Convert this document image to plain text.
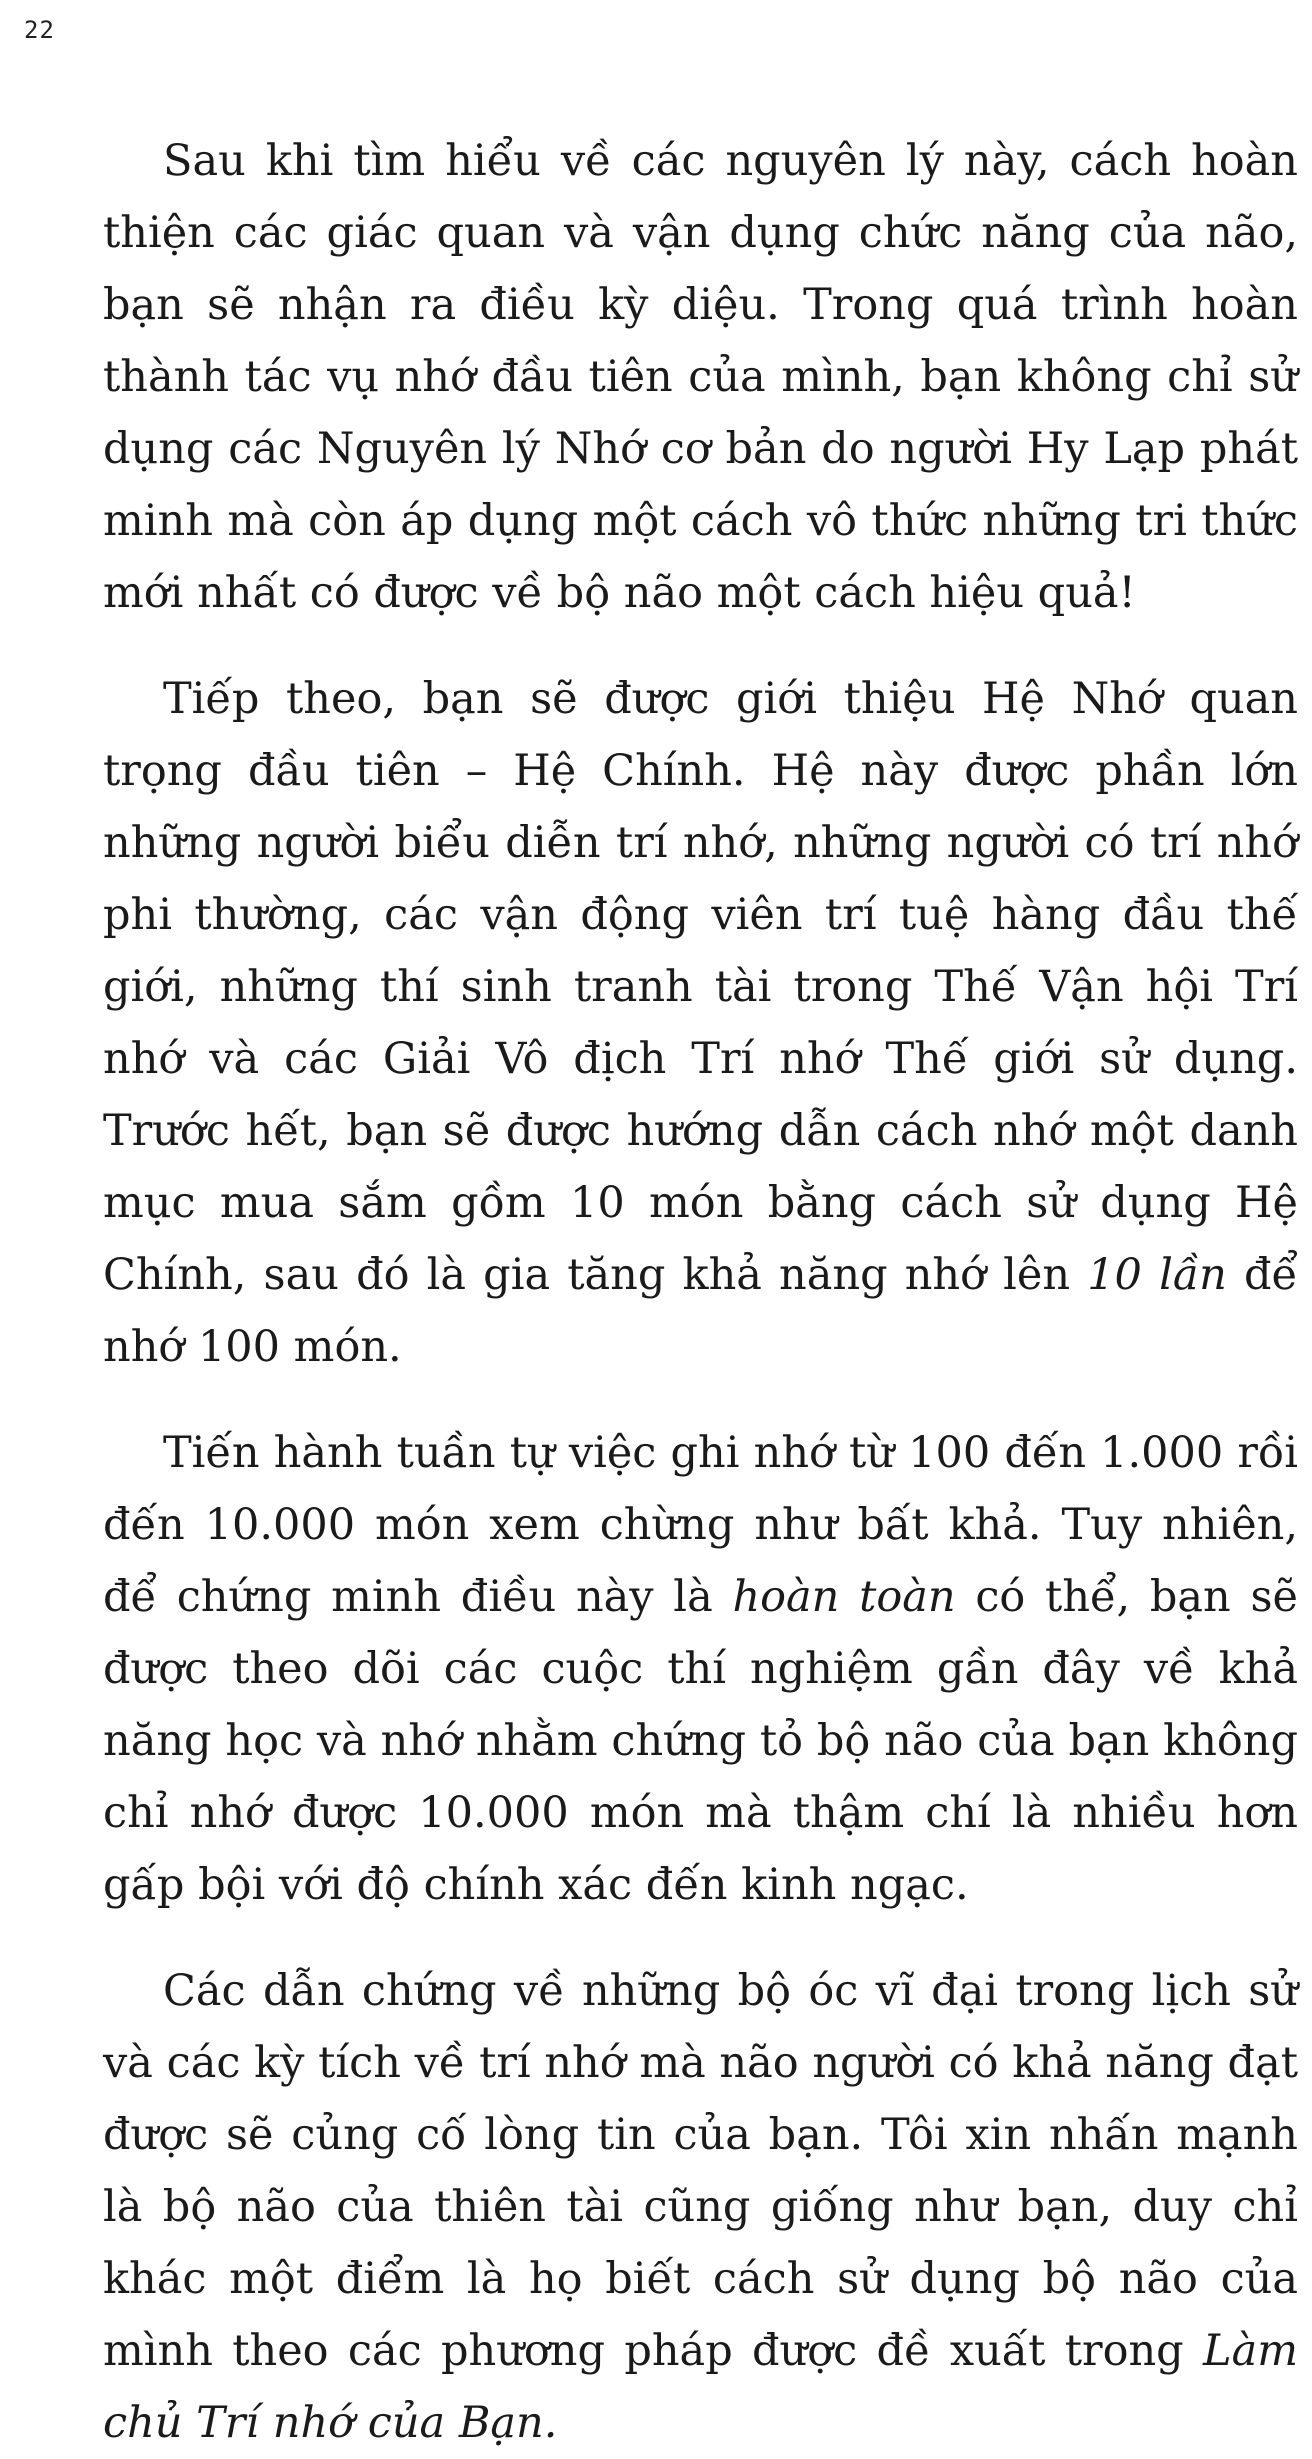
22

Sau khi tìm hiểu về các nguyên lý này, cách hoàn thiện các giác quan và vận dụng chức năng của não, bạn sẽ nhận ra điều kỳ diệu. Trong quá trình hoàn thành tác vụ nhớ đầu tiên của mình, bạn không chỉ sử dụng các Nguyên lý Nhớ cơ bản do người Hy Lạp phát minh mà còn áp dụng một cách vô thức những tri thức mới nhất có được về bộ não một cách hiệu quả!

Tiếp theo, bạn sẽ được giới thiệu Hệ Nhớ quan trọng đầu tiên – Hệ Chính. Hệ này được phần lớn những người biểu diễn trí nhớ, những người có trí nhớ phi thường, các vận động viên trí tuệ hàng đầu thế giới, những thí sinh tranh tài trong Thế Vận hội Trí nhớ và các Giải Vô địch Trí nhớ Thế giới sử dụng. Trước hết, bạn sẽ được hướng dẫn cách nhớ một danh mục mua sắm gồm 10 món bằng cách sử dụng Hệ Chính, sau đó là gia tăng khả năng nhớ lên 10 lần để nhớ 100 món.

Tiến hành tuần tự việc ghi nhớ từ 100 đến 1.000 rồi đến 10.000 món xem chừng như bất khả. Tuy nhiên, để chứng minh điều này là hoàn toàn có thể, bạn sẽ được theo dõi các cuộc thí nghiệm gần đây về khả năng học và nhớ nhằm chứng tỏ bộ não của bạn không chỉ nhớ được 10.000 món mà thậm chí là nhiều hơn gấp bội với độ chính xác đến kinh ngạc.

Các dẫn chứng về những bộ óc vĩ đại trong lịch sử và các kỳ tích về trí nhớ mà não người có khả năng đạt được sẽ củng cố lòng tin của bạn. Tôi xin nhấn mạnh là bộ não của thiên tài cũng giống như bạn, duy chỉ khác một điểm là họ biết cách sử dụng bộ não của mình theo các phương pháp được đề xuất trong Làm chủ Trí nhớ của Bạn.
